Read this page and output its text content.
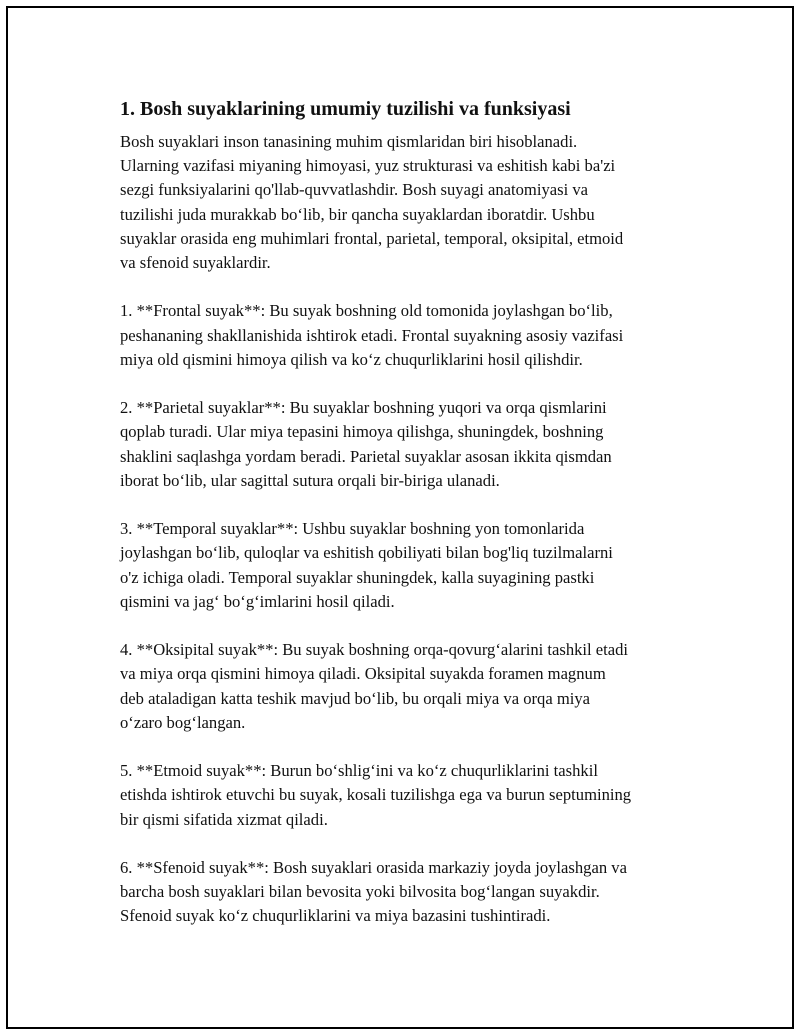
1. Bosh suyaklarining umumiy tuzilishi va funksiyasi

Bosh suyaklari inson tanasining muhim qismlaridan biri hisoblanadi.
Ularning vazifasi miyaning himoyasi, yuz strukturasi va eshitish kabi ba'zi
sezgi funksiyalarini qo'llab-quvvatlashdir. Bosh suyagi anatomiyasi va
tuzilishi juda murakkab bo‘lib, bir qancha suyaklardan iboratdir. Ushbu
suyaklar orasida eng muhimlari frontal, parietal, temporal, oksipital, etmoid
va sfenoid suyaklardir.

1. **Frontal suyak**: Bu suyak boshning old tomonida joylashgan bo‘lib,
peshananing shakllanishida ishtirok etadi. Frontal suyakning asosiy vazifasi
miya old qismini himoya qilish va ko‘z chuqurliklarini hosil qilishdir.

2. **Parietal suyaklar**: Bu suyaklar boshning yuqori va orqa qismlarini
qoplab turadi. Ular miya tepasini himoya qilishga, shuningdek, boshning
shaklini saqlashga yordam beradi. Parietal suyaklar asosan ikkita qismdan
iborat bo‘lib, ular sagittal sutura orqali bir-biriga ulanadi.

3. **Temporal suyaklar**: Ushbu suyaklar boshning yon tomonlarida
joylashgan bo‘lib, quloqlar va eshitish qobiliyati bilan bog'liq tuzilmalarni
o'z ichiga oladi. Temporal suyaklar shuningdek, kalla suyagining pastki
qismini va jag‘ bo‘g‘imlarini hosil qiladi.

4. **Oksipital suyak**: Bu suyak boshning orqa-qovurg‘alarini tashkil etadi
va miya orqa qismini himoya qiladi. Oksipital suyakda foramen magnum
deb ataladigan katta teshik mavjud bo‘lib, bu orqali miya va orqa miya
o‘zaro bog‘langan.

5. **Etmoid suyak**: Burun bo‘shlig‘ini va ko‘z chuqurliklarini tashkil
etishda ishtirok etuvchi bu suyak, kosali tuzilishga ega va burun septumining
bir qismi sifatida xizmat qiladi.

6. **Sfenoid suyak**: Bosh suyaklari orasida markaziy joyda joylashgan va
barcha bosh suyaklari bilan bevosita yoki bilvosita bog‘langan suyakdir.
Sfenoid suyak ko‘z chuqurliklarini va miya bazasini tushintiradi.
